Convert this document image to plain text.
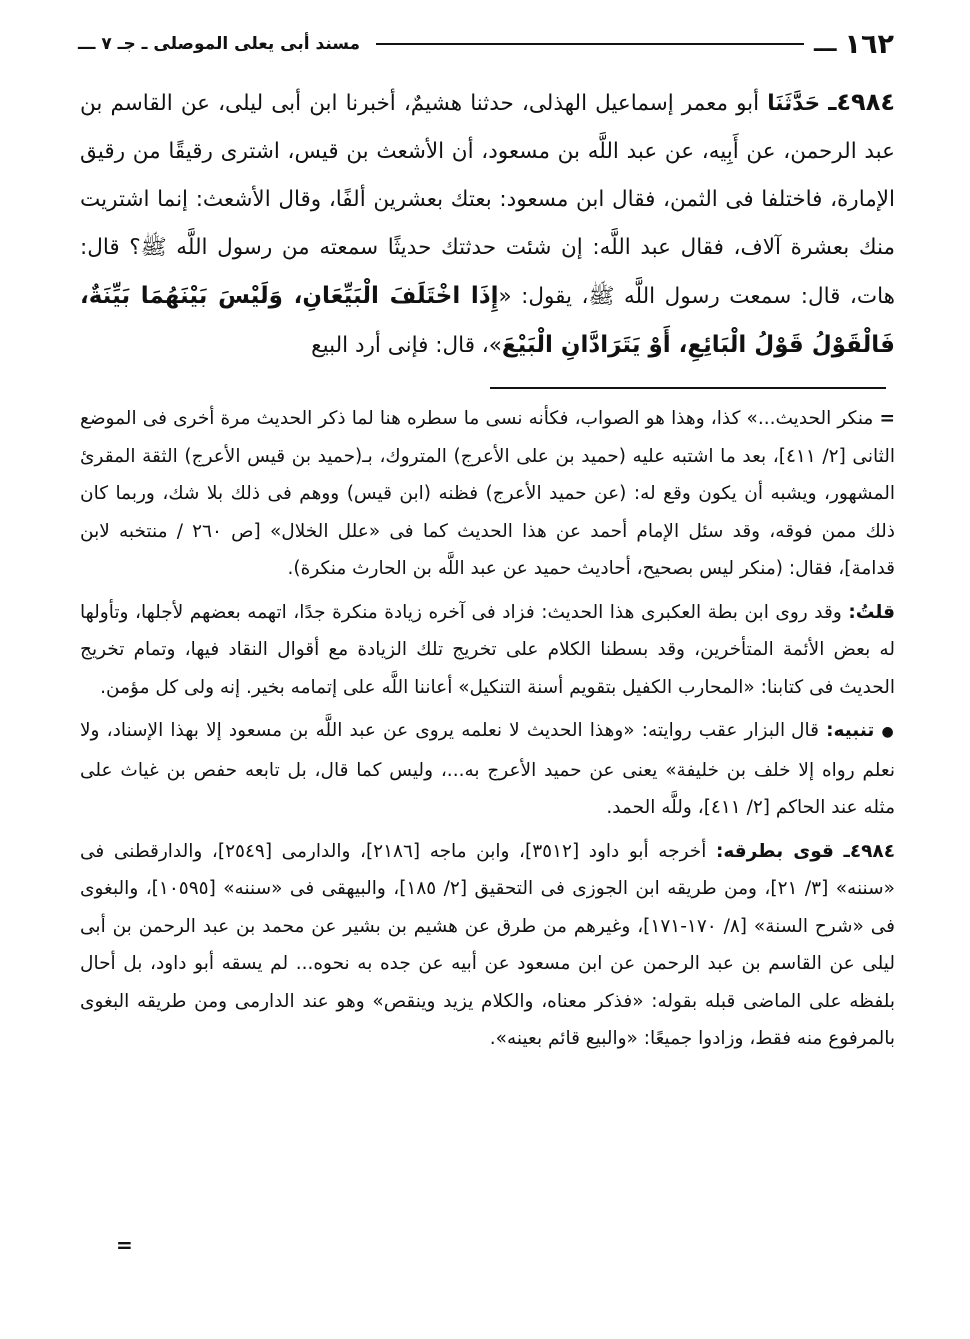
١٦٢
ـــ
مسند أبى يعلى الموصلى ـ جـ ٧ ـــ

٤٩٨٤ـ حَدَّثَنَا أبو معمر إسماعيل الهذلى، حدثنا هشيمٌ، أخبرنا ابن أبى ليلى، عن القاسم بن عبد الرحمن، عن أَبِيه، عن عبد اللَّه بن مسعود، أن الأشعث بن قيس، اشترى رقيقًا من رقيق الإمارة، فاختلفا فى الثمن، فقال ابن مسعود: بعتك بعشرين ألفًا، وقال الأشعث: إنما اشتريت منك بعشرة آلاف، فقال عبد اللَّه: إن شئت حدثتك حديثًا سمعته من رسول اللَّه ﷺ؟ قال: هات، قال: سمعت رسول اللَّه ﷺ، يقول: «إِذَا اخْتَلَفَ الْبَيِّعَانِ، وَلَيْسَ بَيْنَهُمَا بَيِّنَةٌ، فَالْقَوْلُ قَوْلُ الْبَائِعِ، أَوْ يَتَرَادَّانِ الْبَيْعَ»، قال: فإنى أرد البيع

= منكر الحديث...» كذا، وهذا هو الصواب، فكأنه نسى ما سطره هنا لما ذكر الحديث مرة أخرى فى الموضع الثانى [٢/ ٤١١]، بعد ما اشتبه عليه (حميد بن على الأعرج) المتروك، بـ(حميد بن قيس الأعرج) الثقة المقرئ المشهور، ويشبه أن يكون وقع له: (عن حميد الأعرج) فظنه (ابن قيس) ووهم فى ذلك بلا شك، وربما كان ذلك ممن فوقه، وقد سئل الإمام أحمد عن هذا الحديث كما فى «علل الخلال» [ص ٢٦٠ / منتخبه لابن قدامة]، فقال: (منكر ليس بصحيح، أحاديث حميد عن عبد اللَّه بن الحارث منكرة).

قلتُ: وقد روى ابن بطة العكبرى هذا الحديث: فزاد فى آخره زيادة منكرة جدًا، اتهمه بعضهم لأجلها، وتأولها له بعض الأئمة المتأخرين، وقد بسطنا الكلام على تخريج تلك الزيادة مع أقوال النقاد فيها، وتمام تخريج الحديث فى كتابنا: «المحارب الكفيل بتقويم أسنة التنكيل» أعاننا اللَّه على إتمامه بخير. إنه ولى كل مؤمن.

● تنبيه: قال البزار عقب روايته: «وهذا الحديث لا نعلمه يروى عن عبد اللَّه بن مسعود إلا بهذا الإسناد، ولا نعلم رواه إلا خلف بن خليفة» يعنى عن حميد الأعرج به...، وليس كما قال، بل تابعه حفص بن غياث على مثله عند الحاكم [٢/ ٤١١]، وللَّه الحمد.

٤٩٨٤ـ قوى بطرقه: أخرجه أبو داود [٣٥١٢]، وابن ماجه [٢١٨٦]، والدارمى [٢٥٤٩]، والدارقطنى فى «سننه» [٣/ ٢١]، ومن طريقه ابن الجوزى فى التحقيق [٢/ ١٨٥]، والبيهقى فى «سننه» [١٠٥٩٥]، والبغوى فى «شرح السنة» [٨/ ١٧٠-١٧١]، وغيرهم من طرق عن هشيم بن بشير عن محمد بن عبد الرحمن بن أبى ليلى عن القاسم بن عبد الرحمن عن ابن مسعود عن أبيه عن جده به نحوه... لم يسقه أبو داود، بل أحال بلفظه على الماضى قبله بقوله: «فذكر معناه، والكلام يزيد وينقص» وهو عند الدارمى ومن طريقه البغوى بالمرفوع منه فقط، وزادوا جميعًا: «والبيع قائم بعينه».

=
